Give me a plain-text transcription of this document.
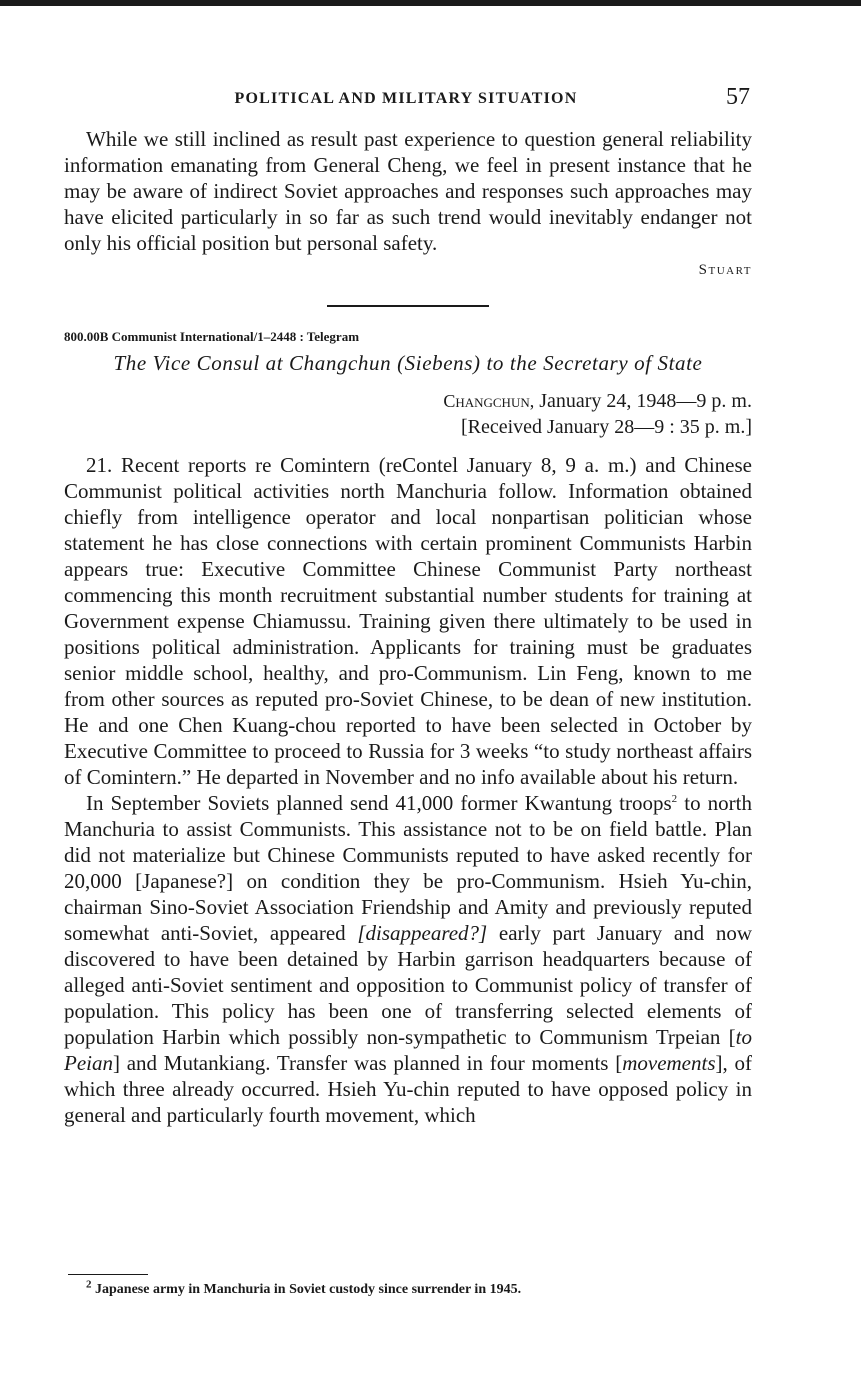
POLITICAL AND MILITARY SITUATION	57

While we still inclined as result past experience to question general reliability information emanating from General Cheng, we feel in present instance that he may be aware of indirect Soviet approaches and responses such approaches may have elicited particularly in so far as such trend would inevitably endanger not only his official position but personal safety.

Stuart
800.00B Communist International/1–2448 : Telegram
The Vice Consul at Changchun (Siebens) to the Secretary of State
Changchun, January 24, 1948—9 p. m.
[Received January 28—9 : 35 p. m.]

21. Recent reports re Comintern (reContel January 8, 9 a. m.) and Chinese Communist political activities north Manchuria follow. Information obtained chiefly from intelligence operator and local nonpartisan politician whose statement he has close connections with certain prominent Communists Harbin appears true: Executive Committee Chinese Communist Party northeast commencing this month recruitment substantial number students for training at Government expense Chiamussu. Training given there ultimately to be used in positions political administration. Applicants for training must be graduates senior middle school, healthy, and pro-Communism. Lin Feng, known to me from other sources as reputed pro-Soviet Chinese, to be dean of new institution. He and one Chen Kuang-chou reported to have been selected in October by Executive Committee to proceed to Russia for 3 weeks “to study northeast affairs of Comintern.” He departed in November and no info available about his return.

In September Soviets planned send 41,000 former Kwantung troops$^2$ to north Manchuria to assist Communists. This assistance not to be on field battle. Plan did not materialize but Chinese Communists reputed to have asked recently for 20,000 [Japanese?] on condition they be pro-Communism. Hsieh Yu-chin, chairman Sino-Soviet Association Friendship and Amity and previously reputed somewhat anti-Soviet, appeared [disappeared?] early part January and now discovered to have been detained by Harbin garrison headquarters because of alleged anti-Soviet sentiment and opposition to Communist policy of transfer of population. This policy has been one of transferring selected elements of population Harbin which possibly non-sympathetic to Communism Trpeian [to Peian] and Mutankiang. Transfer was planned in four moments [movements], of which three already occurred. Hsieh Yu-chin reputed to have opposed policy in general and particularly fourth movement, which

$^2$ Japanese army in Manchuria in Soviet custody since surrender in 1945.
